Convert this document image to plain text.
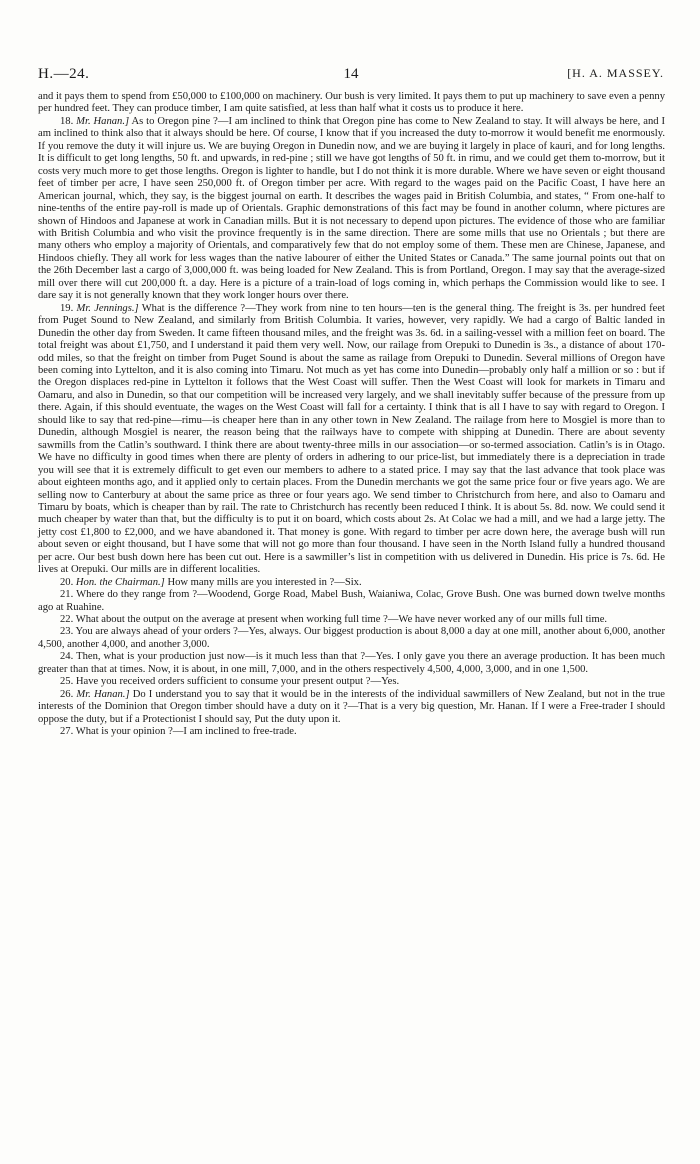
H.—24.	14	[H. A. MASSEY.

and it pays them to spend from £50,000 to £100,000 on machinery. Our bush is very limited. It pays them to put up machinery to save even a penny per hundred feet. They can produce timber, I am quite satisfied, at less than half what it costs us to produce it here.

18. Mr. Hanan.] As to Oregon pine ?—I am inclined to think that Oregon pine has come to New Zealand to stay. It will always be here, and I am inclined to think also that it always should be here. Of course, I know that if you increased the duty to-morrow it would benefit me enormously. If you remove the duty it will injure us. We are buying Oregon in Dunedin now, and we are buying it largely in place of kauri, and for long lengths. It is difficult to get long lengths, 50 ft. and upwards, in red-pine ; still we have got lengths of 50 ft. in rimu, and we could get them to-morrow, but it costs very much more to get those lengths. Oregon is lighter to handle, but I do not think it is more durable. Where we have seven or eight thousand feet of timber per acre, I have seen 250,000 ft. of Oregon timber per acre. With regard to the wages paid on the Pacific Coast, I have here an American journal, which, they say, is the biggest journal on earth. It describes the wages paid in British Columbia, and states, “ From one-half to nine-tenths of the entire pay-roll is made up of Orientals. Graphic demonstrations of this fact may be found in another column, where pictures are shown of Hindoos and Japanese at work in Canadian mills. But it is not necessary to depend upon pictures. The evidence of those who are familiar with British Columbia and who visit the province frequently is in the same direction. There are some mills that use no Orientals ; but there are many others who employ a majority of Orientals, and comparatively few that do not employ some of them. These men are Chinese, Japanese, and Hindoos chiefly. They all work for less wages than the native labourer of either the United States or Canada.” The same journal points out that on the 26th December last a cargo of 3,000,000 ft. was being loaded for New Zealand. This is from Portland, Oregon. I may say that the average-sized mill over there will cut 200,000 ft. a day. Here is a picture of a train-load of logs coming in, which perhaps the Commission would like to see. I dare say it is not generally known that they work longer hours over there.

19. Mr. Jennings.] What is the difference ?—They work from nine to ten hours—ten is the general thing. The freight is 3s. per hundred feet from Puget Sound to New Zealand, and similarly from British Columbia. It varies, however, very rapidly. We had a cargo of Baltic landed in Dunedin the other day from Sweden. It came fifteen thousand miles, and the freight was 3s. 6d. in a sailing-vessel with a million feet on board. The total freight was about £1,750, and I understand it paid them very well. Now, our railage from Orepuki to Dunedin is 3s., a distance of about 170-odd miles, so that the freight on timber from Puget Sound is about the same as railage from Orepuki to Dunedin. Several millions of Oregon have been coming into Lyttelton, and it is also coming into Timaru. Not much as yet has come into Dunedin—probably only half a million or so : but if the Oregon displaces red-pine in Lyttelton it follows that the West Coast will suffer. Then the West Coast will look for markets in Timaru and Oamaru, and also in Dunedin, so that our competition will be increased very largely, and we shall inevitably suffer because of the pressure from up there. Again, if this should eventuate, the wages on the West Coast will fall for a certainty. I think that is all I have to say with regard to Oregon. I should like to say that red-pine—rimu—is cheaper here than in any other town in New Zealand. The railage from here to Mosgiel is more than to Dunedin, although Mosgiel is nearer, the reason being that the railways have to compete with shipping at Dunedin. There are about seventy sawmills from the Catlin’s southward. I think there are about twenty-three mills in our association—or so-termed association. Catlin’s is in Otago. We have no difficulty in good times when there are plenty of orders in adhering to our price-list, but immediately there is a depreciation in trade you will see that it is extremely difficult to get even our members to adhere to a stated price. I may say that the last advance that took place was about eighteen months ago, and it applied only to certain places. From the Dunedin merchants we got the same price four or five years ago. We are selling now to Canterbury at about the same price as three or four years ago. We send timber to Christchurch from here, and also to Oamaru and Timaru by boats, which is cheaper than by rail. The rate to Christchurch has recently been reduced I think. It is about 5s. 8d. now. We could send it much cheaper by water than that, but the difficulty is to put it on board, which costs about 2s. At Colac we had a mill, and we had a large jetty. The jetty cost £1,800 to £2,000, and we have abandoned it. That money is gone. With regard to timber per acre down here, the average bush will run about seven or eight thousand, but I have some that will not go more than four thousand. I have seen in the North Island fully a hundred thousand per acre. Our best bush down here has been cut out. Here is a sawmiller’s list in competition with us delivered in Dunedin. His price is 7s. 6d. He lives at Orepuki. Our mills are in different localities.

20. Hon. the Chairman.] How many mills are you interested in ?—Six.

21. Where do they range from ?—Woodend, Gorge Road, Mabel Bush, Waianiwa, Colac, Grove Bush. One was burned down twelve months ago at Ruahine.

22. What about the output on the average at present when working full time ?—We have never worked any of our mills full time.

23. You are always ahead of your orders ?—Yes, always. Our biggest production is about 8,000 a day at one mill, another about 6,000, another 4,500, another 4,000, and another 3,000.

24. Then, what is your production just now—is it much less than that ?—Yes. I only gave you there an average production. It has been much greater than that at times. Now, it is about, in one mill, 7,000, and in the others respectively 4,500, 4,000, 3,000, and in one 1,500.

25. Have you received orders sufficient to consume your present output ?—Yes.

26. Mr. Hanan.] Do I understand you to say that it would be in the interests of the individual sawmillers of New Zealand, but not in the true interests of the Dominion that Oregon timber should have a duty on it ?—That is a very big question, Mr. Hanan. If I were a Free-trader I should oppose the duty, but if a Protectionist I should say, Put the duty upon it.

27. What is your opinion ?—I am inclined to free-trade.
